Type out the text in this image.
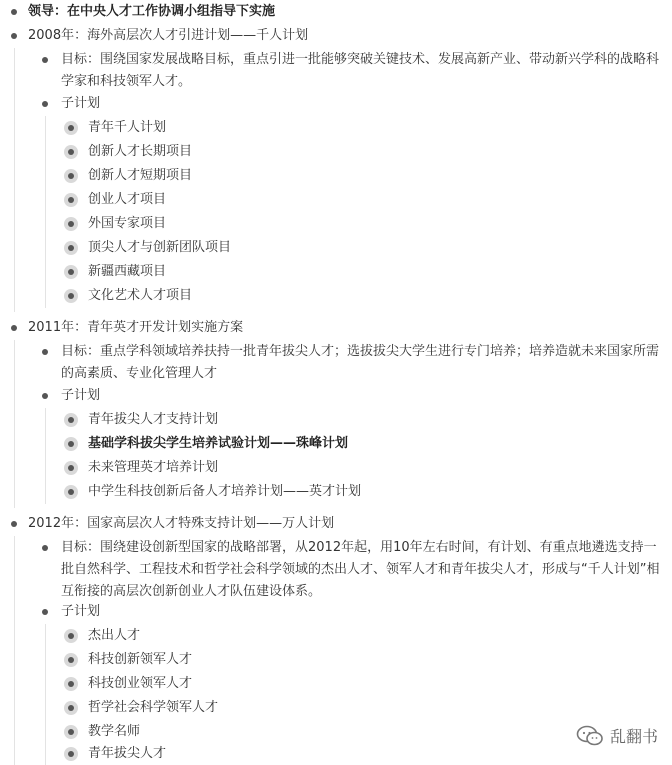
领导：在中央人才工作协调小组指导下实施
2008年：海外高层次人才引进计划——千人计划
目标：围绕国家发展战略目标，重点引进一批能够突破关键技术、发展高新产业、带动新兴学科的战略科学家和科技领军人才。
子计划
青年千人计划
创新人才长期项目
创新人才短期项目
创业人才项目
外国专家项目
顶尖人才与创新团队项目
新疆西藏项目
文化艺术人才项目
2011年：青年英才开发计划实施方案
目标：重点学科领域培养扶持一批青年拔尖人才；选拔拔尖大学生进行专门培养；培养造就未来国家所需的高素质、专业化管理人才
子计划
青年拔尖人才支持计划
基础学科拔尖学生培养试验计划——珠峰计划
未来管理英才培养计划
中学生科技创新后备人才培养计划——英才计划
2012年：国家高层次人才特殊支持计划——万人计划
目标：围绕建设创新型国家的战略部署，从2012年起，用10年左右时间，有计划、有重点地遴选支持一批自然科学、工程技术和哲学社会科学领域的杰出人才、领军人才和青年拔尖人才，形成与“千人计划”相互衔接的高层次创新创业人才队伍建设体系。
子计划
杰出人才
科技创新领军人才
科技创业领军人才
哲学社会科学领军人才
教学名师
青年拔尖人才
乱翻书
